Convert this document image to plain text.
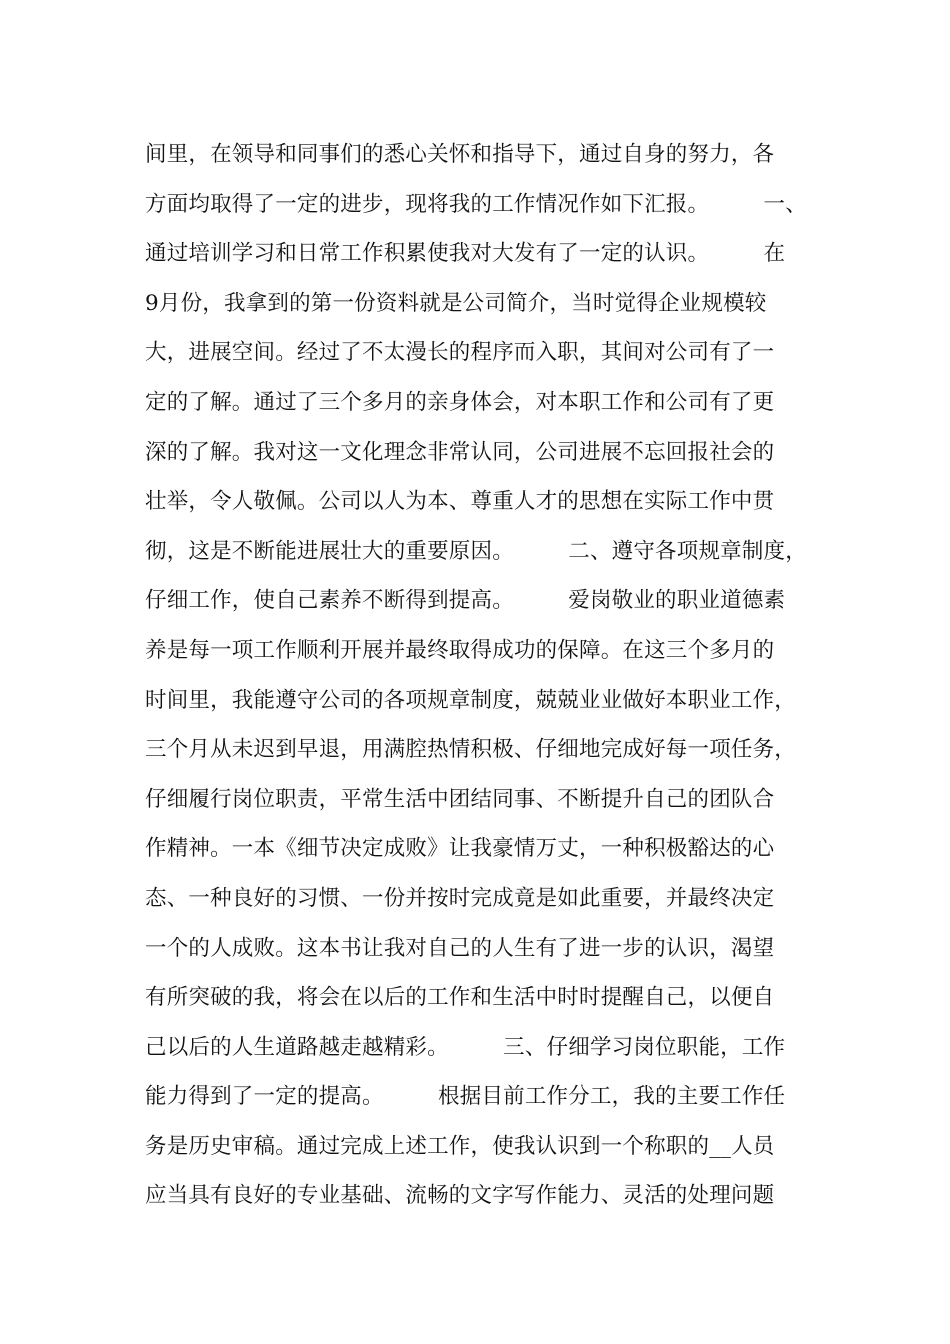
间里，在领导和同事们的悉心关怀和指导下，通过自身的努力，各
方面均取得了一定的进步，现将我的工作情况作如下汇报。　　　一、
通过培训学习和日常工作积累使我对大发有了一定的认识。　　　在
9月份，我拿到的第一份资料就是公司简介，当时觉得企业规模较
大，进展空间。经过了不太漫长的程序而入职，其间对公司有了一
定的了解。通过了三个多月的亲身体会，对本职工作和公司有了更
深的了解。我对这一文化理念非常认同，公司进展不忘回报社会的
壮举，令人敬佩。公司以人为本、尊重人才的思想在实际工作中贯
彻，这是不断能进展壮大的重要原因。　　　二、遵守各项规章制度，
仔细工作，使自己素养不断得到提高。　　　爱岗敬业的职业道德素
养是每一项工作顺利开展并最终取得成功的保障。在这三个多月的
时间里，我能遵守公司的各项规章制度，兢兢业业做好本职业工作，
三个月从未迟到早退，用满腔热情积极、仔细地完成好每一项任务，
仔细履行岗位职责，平常生活中团结同事、不断提升自己的团队合
作精神。一本《细节决定成败》让我豪情万丈，一种积极豁达的心
态、一种良好的习惯、一份并按时完成竟是如此重要，并最终决定
一个的人成败。这本书让我对自己的人生有了进一步的认识，渴望
有所突破的我，将会在以后的工作和生活中时时提醒自己，以便自
己以后的人生道路越走越精彩。　　　三、仔细学习岗位职能，工作
能力得到了一定的提高。　　　根据目前工作分工，我的主要工作任
务是历史审稿。通过完成上述工作，使我认识到一个称职的__人员
应当具有良好的专业基础、流畅的文字写作能力、灵活的处理问题
